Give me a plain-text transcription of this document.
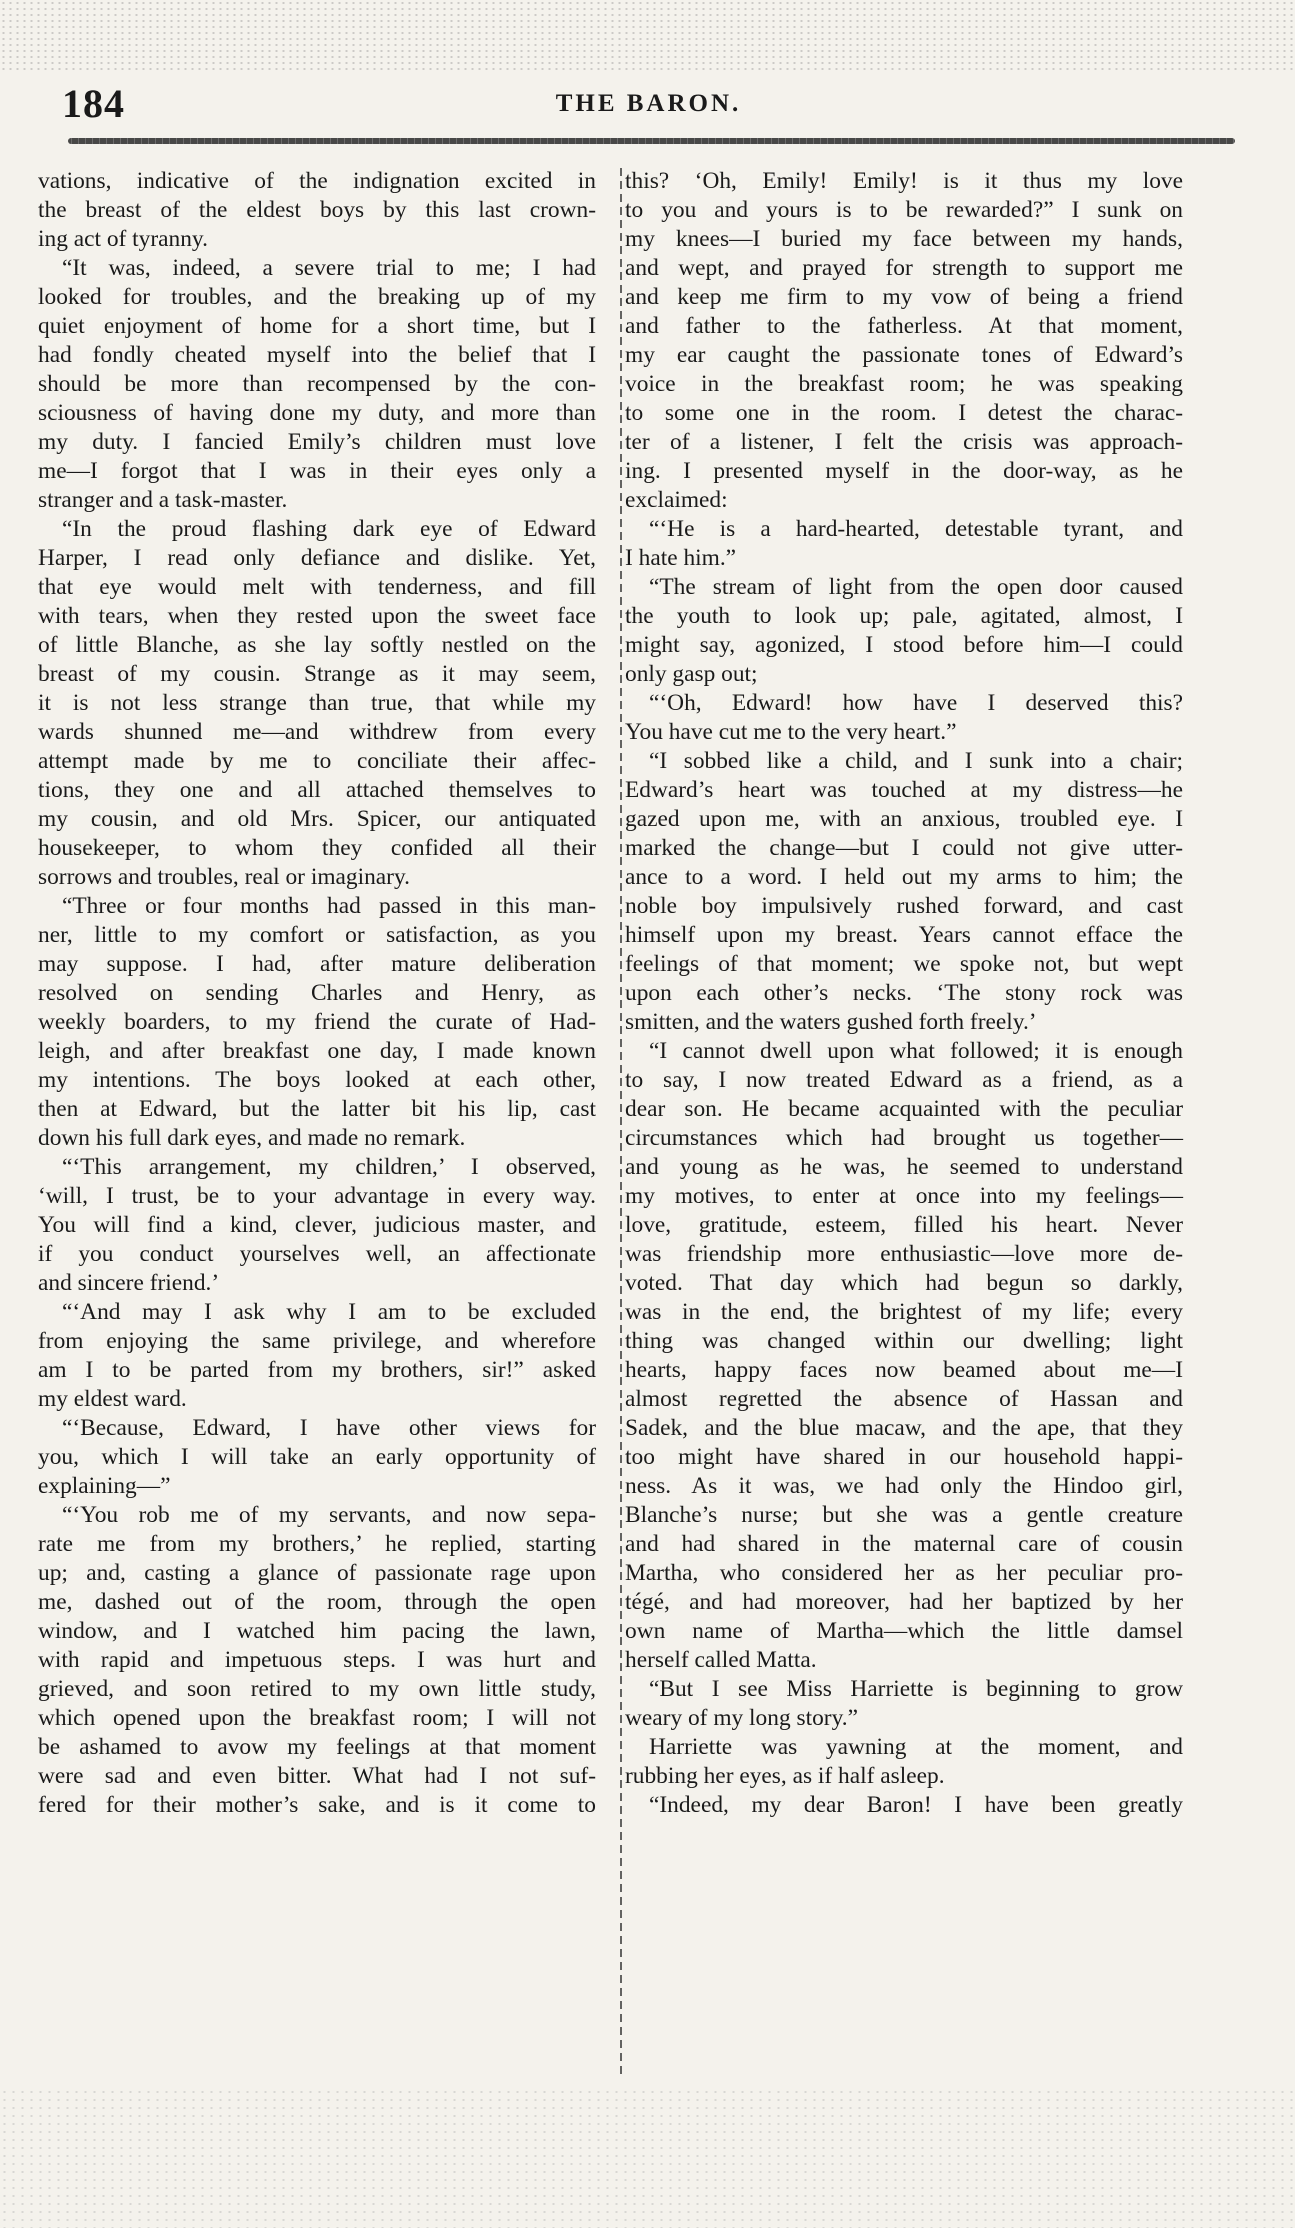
184	THE BARON.
vations, indicative of the indignation excited in
the breast of the eldest boys by this last crown-
ing act of tyranny.
“It was, indeed, a severe trial to me; I had
looked for troubles, and the breaking up of my
quiet enjoyment of home for a short time, but I
had fondly cheated myself into the belief that I
should be more than recompensed by the con-
sciousness of having done my duty, and more than
my duty. I fancied Emily’s children must love
me—I forgot that I was in their eyes only a
stranger and a task-master.
“In the proud flashing dark eye of Edward
Harper, I read only defiance and dislike. Yet,
that eye would melt with tenderness, and fill
with tears, when they rested upon the sweet face
of little Blanche, as she lay softly nestled on the
breast of my cousin. Strange as it may seem,
it is not less strange than true, that while my
wards shunned me—and withdrew from every
attempt made by me to conciliate their affec-
tions, they one and all attached themselves to
my cousin, and old Mrs. Spicer, our antiquated
housekeeper, to whom they confided all their
sorrows and troubles, real or imaginary.
“Three or four months had passed in this man-
ner, little to my comfort or satisfaction, as you
may suppose. I had, after mature deliberation
resolved on sending Charles and Henry, as
weekly boarders, to my friend the curate of Had-
leigh, and after breakfast one day, I made known
my intentions. The boys looked at each other,
then at Edward, but the latter bit his lip, cast
down his full dark eyes, and made no remark.
“‘This arrangement, my children,’ I observed,
‘will, I trust, be to your advantage in every way.
You will find a kind, clever, judicious master, and
if you conduct yourselves well, an affectionate
and sincere friend.’
“‘And may I ask why I am to be excluded
from enjoying the same privilege, and wherefore
am I to be parted from my brothers, sir!” asked
my eldest ward.
“‘Because, Edward, I have other views for
you, which I will take an early opportunity of
explaining—”
“‘You rob me of my servants, and now sepa-
rate me from my brothers,’ he replied, starting
up; and, casting a glance of passionate rage upon
me, dashed out of the room, through the open
window, and I watched him pacing the lawn,
with rapid and impetuous steps. I was hurt and
grieved, and soon retired to my own little study,
which opened upon the breakfast room; I will not
be ashamed to avow my feelings at that moment
were sad and even bitter. What had I not suf-
fered for their mother’s sake, and is it come to
this? ‘Oh, Emily! Emily! is it thus my love
to you and yours is to be rewarded?” I sunk on
my knees—I buried my face between my hands,
and wept, and prayed for strength to support me
and keep me firm to my vow of being a friend
and father to the fatherless. At that moment,
my ear caught the passionate tones of Edward’s
voice in the breakfast room; he was speaking
to some one in the room. I detest the charac-
ter of a listener, I felt the crisis was approach-
ing. I presented myself in the door-way, as he
exclaimed:
“‘He is a hard-hearted, detestable tyrant, and
I hate him.”
“The stream of light from the open door caused
the youth to look up; pale, agitated, almost, I
might say, agonized, I stood before him—I could
only gasp out;
“‘Oh, Edward! how have I deserved this?
You have cut me to the very heart.”
“I sobbed like a child, and I sunk into a chair;
Edward’s heart was touched at my distress—he
gazed upon me, with an anxious, troubled eye. I
marked the change—but I could not give utter-
ance to a word. I held out my arms to him; the
noble boy impulsively rushed forward, and cast
himself upon my breast. Years cannot efface the
feelings of that moment; we spoke not, but wept
upon each other’s necks. ‘The stony rock was
smitten, and the waters gushed forth freely.’
“I cannot dwell upon what followed; it is enough
to say, I now treated Edward as a friend, as a
dear son. He became acquainted with the peculiar
circumstances which had brought us together—
and young as he was, he seemed to understand
my motives, to enter at once into my feelings—
love, gratitude, esteem, filled his heart. Never
was friendship more enthusiastic—love more de-
voted. That day which had begun so darkly,
was in the end, the brightest of my life; every
thing was changed within our dwelling; light
hearts, happy faces now beamed about me—I
almost regretted the absence of Hassan and
Sadek, and the blue macaw, and the ape, that they
too might have shared in our household happi-
ness. As it was, we had only the Hindoo girl,
Blanche’s nurse; but she was a gentle creature
and had shared in the maternal care of cousin
Martha, who considered her as her peculiar pro-
tégé, and had moreover, had her baptized by her
own name of Martha—which the little damsel
herself called Matta.
“But I see Miss Harriette is beginning to grow
weary of my long story.”
Harriette was yawning at the moment, and
rubbing her eyes, as if half asleep.
“Indeed, my dear Baron! I have been greatly
